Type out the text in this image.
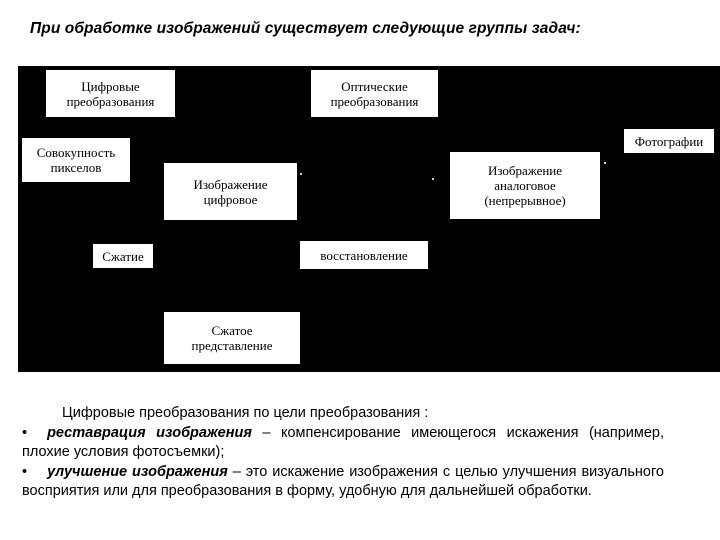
При обработке изображений существует следующие группы задач:
Цифровые
преобразования
Оптические
преобразования
Совокупность
пикселов
Фотографии
Изображение
цифровое
Изображение
аналоговое
(непрерывное)
Сжатие	восстановление
Сжатое
представление

Цифровые преобразования по цели преобразования :

• реставрация изображения – компенсирование имеющегося искажения (например, плохие условия фотосъемки);

• улучшение изображения – это искажение изображения с целью улучшения визуального восприятия или для преобразования в форму, удобную для дальнейшей обработки.
